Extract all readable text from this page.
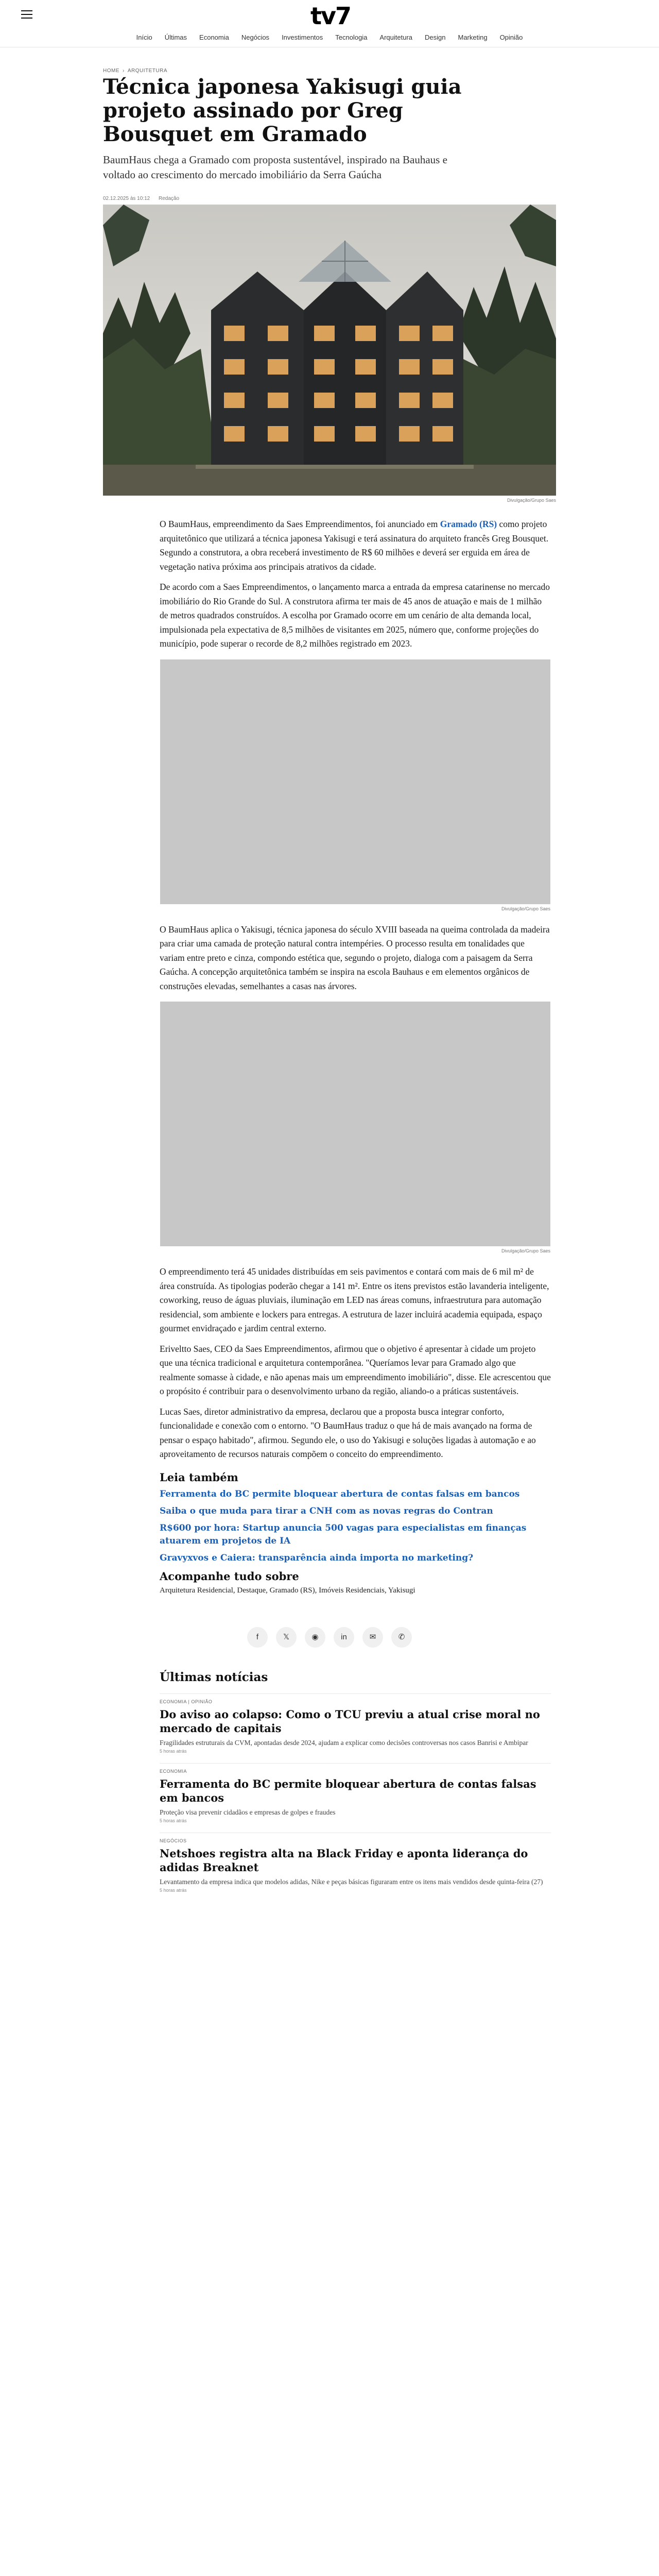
tv7
Início Últimas Economia Negócios Investimentos Tecnologia Arquitetura Design Marketing Opinião
HOME › ARQUITETURA
Técnica japonesa Yakisugi guia projeto assinado por Greg Bousquet em Gramado

BaumHaus chega a Gramado com proposta sustentável, inspirado na Bauhaus e voltado ao crescimento do mercado imobiliário da Serra Gaúcha

02.12.2025 às 10:12 Redação
Divulgação/Grupo Saes

O BaumHaus, empreendimento da Saes Empreendimentos, foi anunciado em Gramado (RS) como projeto arquitetônico que utilizará a técnica japonesa Yakisugi e terá assinatura do arquiteto francês Greg Bousquet. Segundo a construtora, a obra receberá investimento de R$ 60 milhões e deverá ser erguida em área de vegetação nativa próxima aos principais atrativos da cidade.

De acordo com a Saes Empreendimentos, o lançamento marca a entrada da empresa catarinense no mercado imobiliário do Rio Grande do Sul. A construtora afirma ter mais de 45 anos de atuação e mais de 1 milhão de metros quadrados construídos. A escolha por Gramado ocorre em um cenário de alta demanda local, impulsionada pela expectativa de 8,5 milhões de visitantes em 2025, número que, conforme projeções do município, pode superar o recorde de 8,2 milhões registrado em 2023.

Divulgação/Grupo Saes

O BaumHaus aplica o Yakisugi, técnica japonesa do século XVIII baseada na queima controlada da madeira para criar uma camada de proteção natural contra intempéries. O processo resulta em tonalidades que variam entre preto e cinza, compondo estética que, segundo o projeto, dialoga com a paisagem da Serra Gaúcha. A concepção arquitetônica também se inspira na escola Bauhaus e em elementos orgânicos de construções elevadas, semelhantes a casas nas árvores.

Divulgação/Grupo Saes

O empreendimento terá 45 unidades distribuídas em seis pavimentos e contará com mais de 6 mil m² de área construída. As tipologias poderão chegar a 141 m². Entre os itens previstos estão lavanderia inteligente, coworking, reuso de águas pluviais, iluminação em LED nas áreas comuns, infraestrutura para automação residencial, som ambiente e lockers para entregas. A estrutura de lazer incluirá academia equipada, espaço gourmet envidraçado e jardim central externo.

Eriveltto Saes, CEO da Saes Empreendimentos, afirmou que o objetivo é apresentar à cidade um projeto que una técnica tradicional e arquitetura contemporânea. "Queríamos levar para Gramado algo que realmente somasse à cidade, e não apenas mais um empreendimento imobiliário", disse. Ele acrescentou que o propósito é contribuir para o desenvolvimento urbano da região, aliando-o a práticas sustentáveis.

Lucas Saes, diretor administrativo da empresa, declarou que a proposta busca integrar conforto, funcionalidade e conexão com o entorno. "O BaumHaus traduz o que há de mais avançado na forma de pensar o espaço habitado", afirmou. Segundo ele, o uso do Yakisugi e soluções ligadas à automação e ao aproveitamento de recursos naturais compõem o conceito do empreendimento.

Leia também
Ferramenta do BC permite bloquear abertura de contas falsas em bancos
Saiba o que muda para tirar a CNH com as novas regras do Contran
R$600 por hora: Startup anuncia 500 vagas para especialistas em finanças atuarem em projetos de IA
Gravyxvos e Caiera: transparência ainda importa no marketing?
Acompanhe tudo sobre
Arquitetura Residencial, Destaque, Gramado (RS), Imóveis Residenciais, Yakisugi
f	𝕏	◉	in	✉	✆
Últimas notícias
ECONOMIA | OPINIÃO
Do aviso ao colapso: Como o TCU previu a atual crise moral no mercado de capitais
Fragilidades estruturais da CVM, apontadas desde 2024, ajudam a explicar como decisões controversas nos casos Banrisi e Ambipar
5 horas atrás
ECONOMIA
Ferramenta do BC permite bloquear abertura de contas falsas em bancos
Proteção visa prevenir cidadãos e empresas de golpes e fraudes
5 horas atrás
NEGÓCIOS
Netshoes registra alta na Black Friday e aponta liderança do adidas Breaknet
Levantamento da empresa indica que modelos adidas, Nike e peças básicas figuraram entre os itens mais vendidos desde quinta-feira (27)
5 horas atrás
